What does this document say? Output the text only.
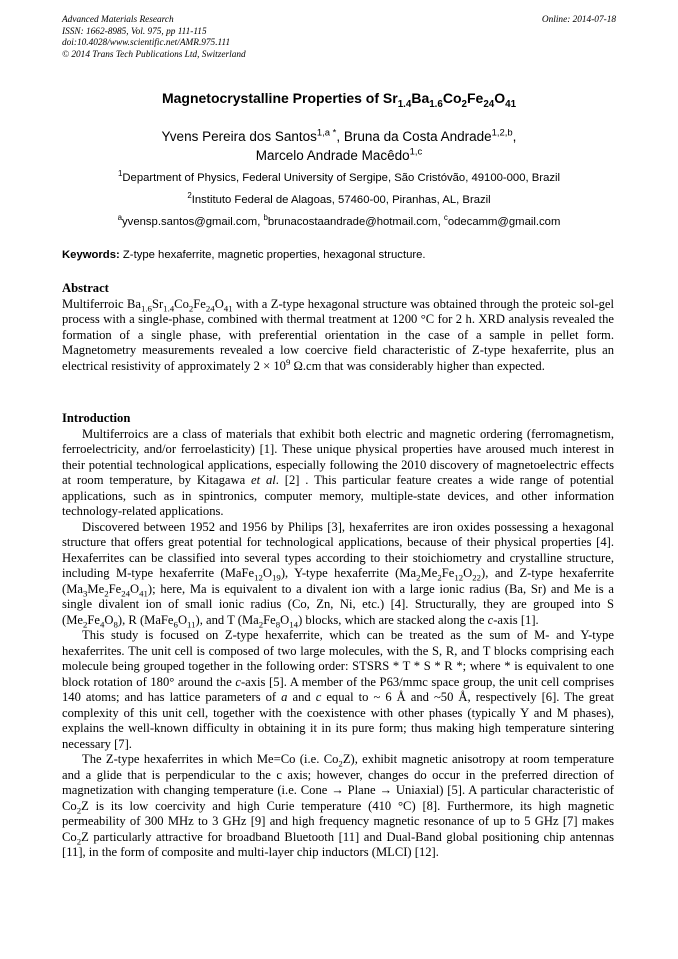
Advanced Materials Research
ISSN: 1662-8985, Vol. 975, pp 111-115
doi:10.4028/www.scientific.net/AMR.975.111
© 2014 Trans Tech Publications Ltd, Switzerland
Online: 2014-07-18
Magnetocrystalline Properties of $Sr_{1.4}Ba_{1.6}Co_2Fe_{24}O_{41}$
Yvens Pereira dos Santos$^{1,a *}$, Bruna da Costa Andrade$^{1,2,b}$,
Marcelo Andrade Macêdo$^{1,c}$
$^1$Department of Physics, Federal University of Sergipe, São Cristóvão, 49100-000, Brazil
$^2$Instituto Federal de Alagoas, 57460-00, Piranhas, AL, Brazil
$^a$yvensp.santos@gmail.com, $^b$brunacostaandrade@hotmail.com, $^c$odecamm@gmail.com
Keywords: Z-type hexaferrite, magnetic properties, hexagonal structure.
Abstract

Multiferroic $Ba_{1.6}Sr_{1.4}Co_2Fe_{24}O_{41}$ with a Z-type hexagonal structure was obtained through the proteic sol-gel process with a single-phase, combined with thermal treatment at 1200 °C for 2 h. XRD analysis revealed the formation of a single phase, with preferential orientation in the case of a sample in pellet form. Magnetometry measurements revealed a low coercive field characteristic of Z-type hexaferrite, plus an electrical resistivity of approximately $2 \times 10^9$ Ω.cm that was considerably higher than expected.

Introduction

Multiferroics are a class of materials that exhibit both electric and magnetic ordering (ferromagnetism, ferroelectricity, and/or ferroelasticity) [1]. These unique physical properties have aroused much interest in their potential technological applications, especially following the 2010 discovery of magnetoelectric effects at room temperature, by Kitagawa et al. [2] . This particular feature creates a wide range of potential applications, such as in spintronics, computer memory, multiple-state devices, and other information technology-related applications.

Discovered between 1952 and 1956 by Philips [3], hexaferrites are iron oxides possessing a hexagonal structure that offers great potential for technological applications, because of their physical properties [4]. Hexaferrites can be classified into several types according to their stoichiometry and crystalline structure, including M-type hexaferrite $(MaFe_{12}O_{19})$, Y-type hexaferrite $(Ma_2Me_2Fe_{12}O_{22})$, and Z-type hexaferrite $(Ma_3Me_2Fe_{24}O_{41})$; here, Ma is equivalent to a divalent ion with a large ionic radius (Ba, Sr) and Me is a single divalent ion of small ionic radius (Co, Zn, Ni, etc.) [4]. Structurally, they are grouped into S $(Me_2Fe_4O_8)$, R $(MaFe_6O_{11})$, and T $(Ma_2Fe_8O_{14})$ blocks, which are stacked along the c-axis [1].

This study is focused on Z-type hexaferrite, which can be treated as the sum of M- and Y-type hexaferrites. The unit cell is composed of two large molecules, with the S, R, and T blocks comprising each molecule being grouped together in the following order: STSRS * T * S * R *; where * is equivalent to one block rotation of 180° around the c-axis [5]. A member of the P63/mmc space group, the unit cell comprises 140 atoms; and has lattice parameters of a and c equal to ~ 6 Å and ~50 Å, respectively [6]. The great complexity of this unit cell, together with the coexistence with other phases (typically Y and M phases), explains the well-known difficulty in obtaining it in its pure form; thus making high temperature sintering necessary [7].

The Z-type hexaferrites in which Me=Co (i.e. $Co_2Z$), exhibit magnetic anisotropy at room temperature and a glide that is perpendicular to the c axis; however, changes do occur in the preferred direction of magnetization with changing temperature (i.e. Cone → Plane → Uniaxial) [5]. A particular characteristic of $Co_2Z$ is its low coercivity and high Curie temperature (410 °C) [8]. Furthermore, its high magnetic permeability of 300 MHz to 3 GHz [9] and high frequency magnetic resonance of up to 5 GHz [7] makes $Co_2Z$ particularly attractive for broadband Bluetooth [11] and Dual-Band global positioning chip antennas [11], in the form of composite and multi-layer chip inductors (MLCI) [12].
